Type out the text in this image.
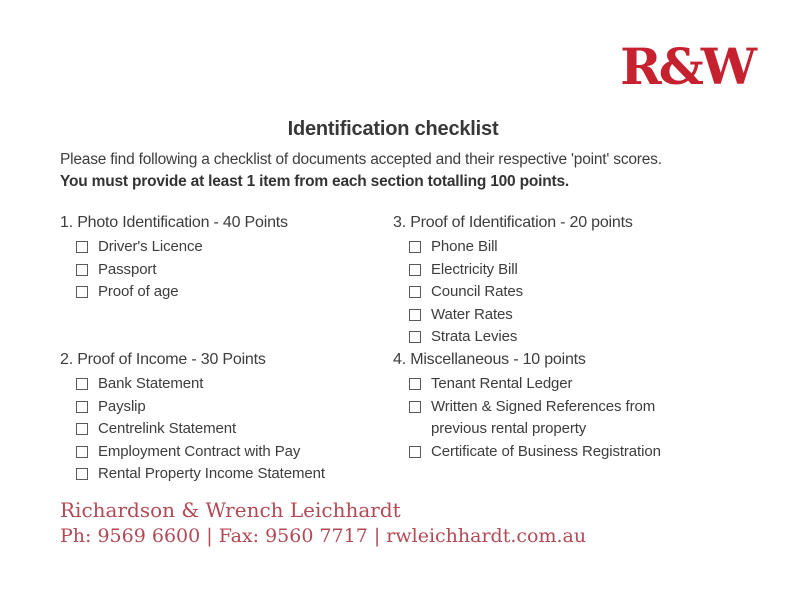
R&W
Identification checklist
Please find following a checklist of documents accepted and their respective 'point' scores.
You must provide at least 1 item from each section totalling 100 points.
1. Photo Identification - 40 Points
Driver's Licence
Passport
Proof of age
2. Proof of Income - 30 Points
Bank Statement
Payslip
Centrelink Statement
Employment Contract with Pay
Rental Property Income Statement
3. Proof of Identification - 20 points
Phone Bill
Electricity Bill
Council Rates
Water Rates
Strata Levies
4. Miscellaneous - 10 points
Tenant Rental Ledger
Written & Signed References from previous rental property
Certificate of Business Registration
Richardson & Wrench Leichhardt
Ph: 9569 6600 | Fax: 9560 7717 | rwleichhardt.com.au
